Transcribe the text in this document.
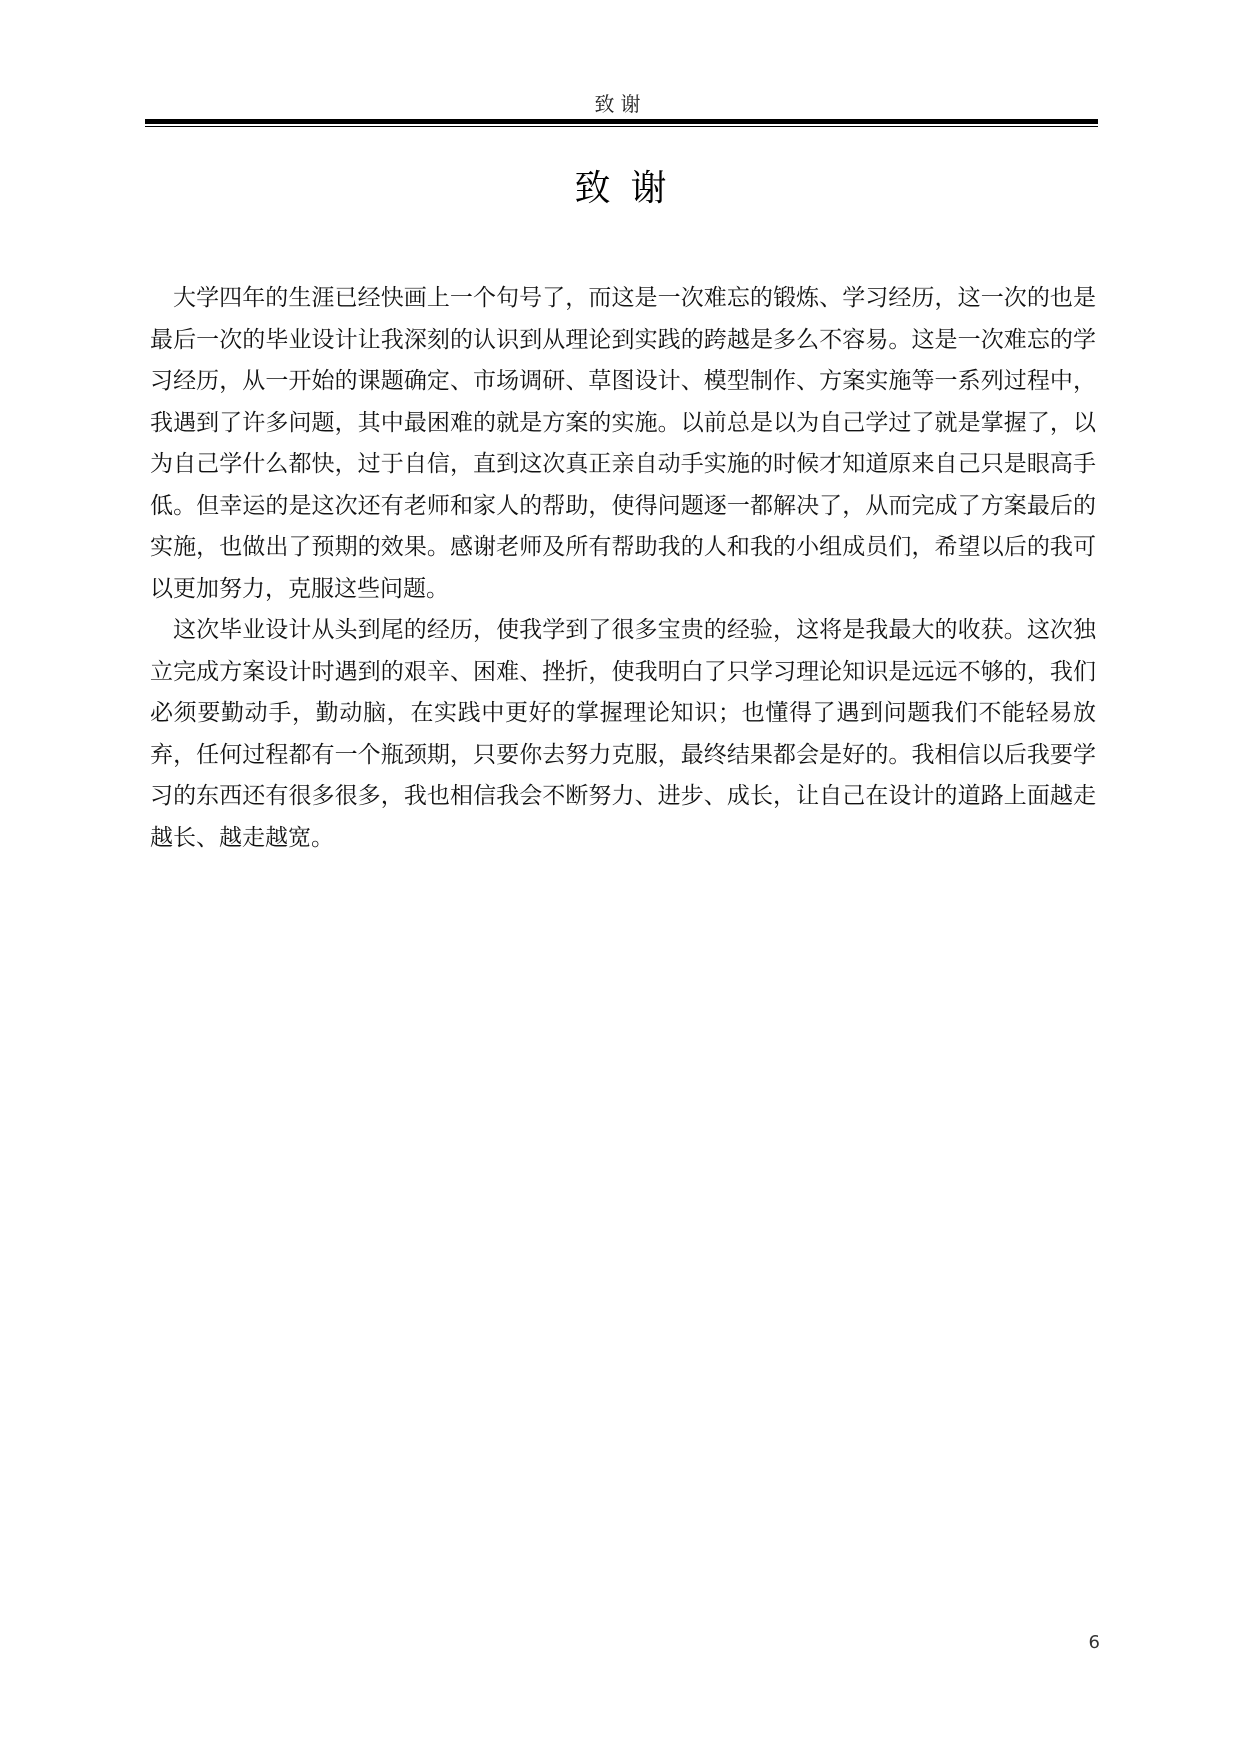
致谢
致谢

大学四年的生涯已经快画上一个句号了，而这是一次难忘的锻炼、学习经历，这一次的也是最后一次的毕业设计让我深刻的认识到从理论到实践的跨越是多么不容易。这是一次难忘的学习经历，从一开始的课题确定、市场调研、草图设计、模型制作、方案实施等一系列过程中，我遇到了许多问题，其中最困难的就是方案的实施。以前总是以为自己学过了就是掌握了，以为自己学什么都快，过于自信，直到这次真正亲自动手实施的时候才知道原来自己只是眼高手低。但幸运的是这次还有老师和家人的帮助，使得问题逐一都解决了，从而完成了方案最后的实施，也做出了预期的效果。感谢老师及所有帮助我的人和我的小组成员们，希望以后的我可以更加努力，克服这些问题。

这次毕业设计从头到尾的经历，使我学到了很多宝贵的经验，这将是我最大的收获。这次独立完成方案设计时遇到的艰辛、困难、挫折，使我明白了只学习理论知识是远远不够的，我们必须要勤动手，勤动脑，在实践中更好的掌握理论知识；也懂得了遇到问题我们不能轻易放弃，任何过程都有一个瓶颈期，只要你去努力克服，最终结果都会是好的。我相信以后我要学习的东西还有很多很多，我也相信我会不断努力、进步、成长，让自己在设计的道路上面越走越长、越走越宽。

6
